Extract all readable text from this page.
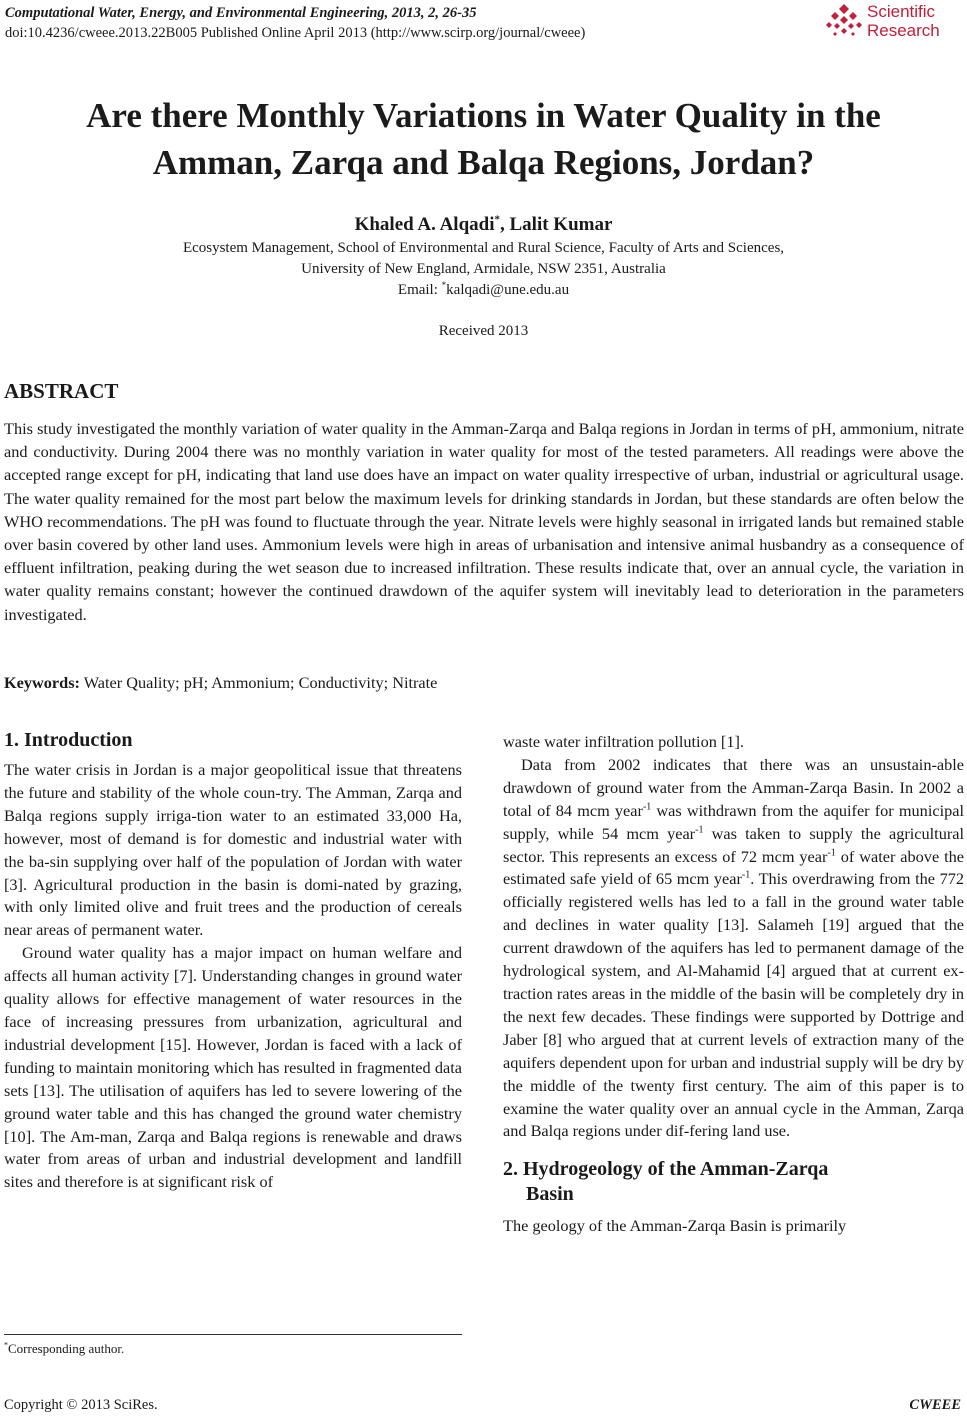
Computational Water, Energy, and Environmental Engineering, 2013, 2, 26-35
doi:10.4236/cweee.2013.22B005 Published Online April 2013 (http://www.scirp.org/journal/cweee)
Scientific
Research
Are there Monthly Variations in Water Quality in the
Amman, Zarqa and Balqa Regions, Jordan?
Khaled A. Alqadi*, Lalit Kumar
Ecosystem Management, School of Environmental and Rural Science, Faculty of Arts and Sciences,
University of New England, Armidale, NSW 2351, Australia
Email: *kalqadi@une.edu.au
Received 2013
ABSTRACT
This study investigated the monthly variation of water quality in the Amman-Zarqa and Balqa regions in Jordan in terms of pH, ammonium, nitrate and conductivity. During 2004 there was no monthly variation in water quality for most of the tested parameters. All readings were above the accepted range except for pH, indicating that land use does have an impact on water quality irrespective of urban, industrial or agricultural usage. The water quality remained for the most part below the maximum levels for drinking standards in Jordan, but these standards are often below the WHO recommendations. The pH was found to fluctuate through the year. Nitrate levels were highly seasonal in irrigated lands but remained stable over basin covered by other land uses. Ammonium levels were high in areas of urbanisation and intensive animal husbandry as a consequence of effluent infiltration, peaking during the wet season due to increased infiltration. These results indicate that, over an annual cycle, the variation in water quality remains constant; however the continued drawdown of the aquifer system will inevitably lead to deterioration in the parameters investigated.
Keywords: Water Quality; pH; Ammonium; Conductivity; Nitrate
1. Introduction
The water crisis in Jordan is a major geopolitical issue that threatens the future and stability of the whole coun-try. The Amman, Zarqa and Balqa regions supply irriga-tion water to an estimated 33,000 Ha, however, most of demand is for domestic and industrial water with the ba-sin supplying over half of the population of Jordan with water [3]. Agricultural production in the basin is domi-nated by grazing, with only limited olive and fruit trees and the production of cereals near areas of permanent water.
Ground water quality has a major impact on human welfare and affects all human activity [7]. Understanding changes in ground water quality allows for effective management of water resources in the face of increasing pressures from urbanization, agricultural and industrial development [15]. However, Jordan is faced with a lack of funding to maintain monitoring which has resulted in fragmented data sets [13]. The utilisation of aquifers has led to severe lowering of the ground water table and this has changed the ground water chemistry [10]. The Am-man, Zarqa and Balqa regions is renewable and draws water from areas of urban and industrial development and landfill sites and therefore is at significant risk of
waste water infiltration pollution [1].
Data from 2002 indicates that there was an unsustain-able drawdown of ground water from the Amman-Zarqa Basin. In 2002 a total of 84 mcm year$^{-1}$ was withdrawn from the aquifer for municipal supply, while 54 mcm year$^{-1}$ was taken to supply the agricultural sector. This represents an excess of 72 mcm year$^{-1}$ of water above the estimated safe yield of 65 mcm year$^{-1}$. This overdrawing from the 772 officially registered wells has led to a fall in the ground water table and declines in water quality [13]. Salameh [19] argued that the current drawdown of the aquifers has led to permanent damage of the hydrological system, and Al-Mahamid [4] argued that at current ex-traction rates areas in the middle of the basin will be completely dry in the next few decades. These findings were supported by Dottrige and Jaber [8] who argued that at current levels of extraction many of the aquifers dependent upon for urban and industrial supply will be dry by the middle of the twenty first century. The aim of this paper is to examine the water quality over an annual cycle in the Amman, Zarqa and Balqa regions under dif-fering land use.
2. Hydrogeology of the Amman-Zarqa
Basin
The geology of the Amman-Zarqa Basin is primarily
*Corresponding author.
Copyright © 2013 SciRes.	CWEEE
